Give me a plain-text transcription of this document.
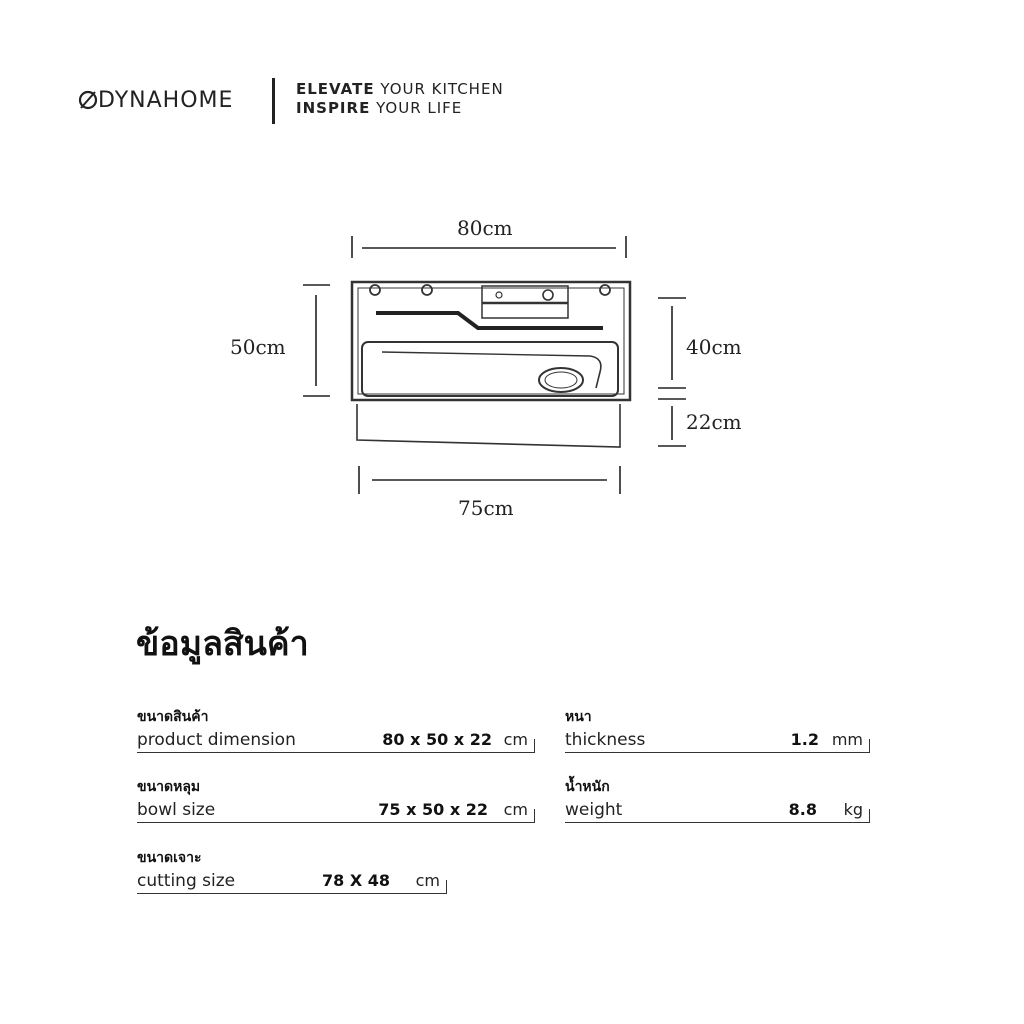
DYNAHOME	ELEVATE YOUR KITCHEN
INSPIRE YOUR LIFE
80cm
50cm	40cm
22cm
75cm
ข้อมูลสินค้า
ขนาดสินค้า
product dimension	80 x 50 x 22 cm
หนา
thickness	1.2 mm
ขนาดหลุม
bowl size	75 x 50 x 22 cm
น้ำหนัก
weight	8.8 kg
ขนาดเจาะ
cutting size	78 X 48 cm
